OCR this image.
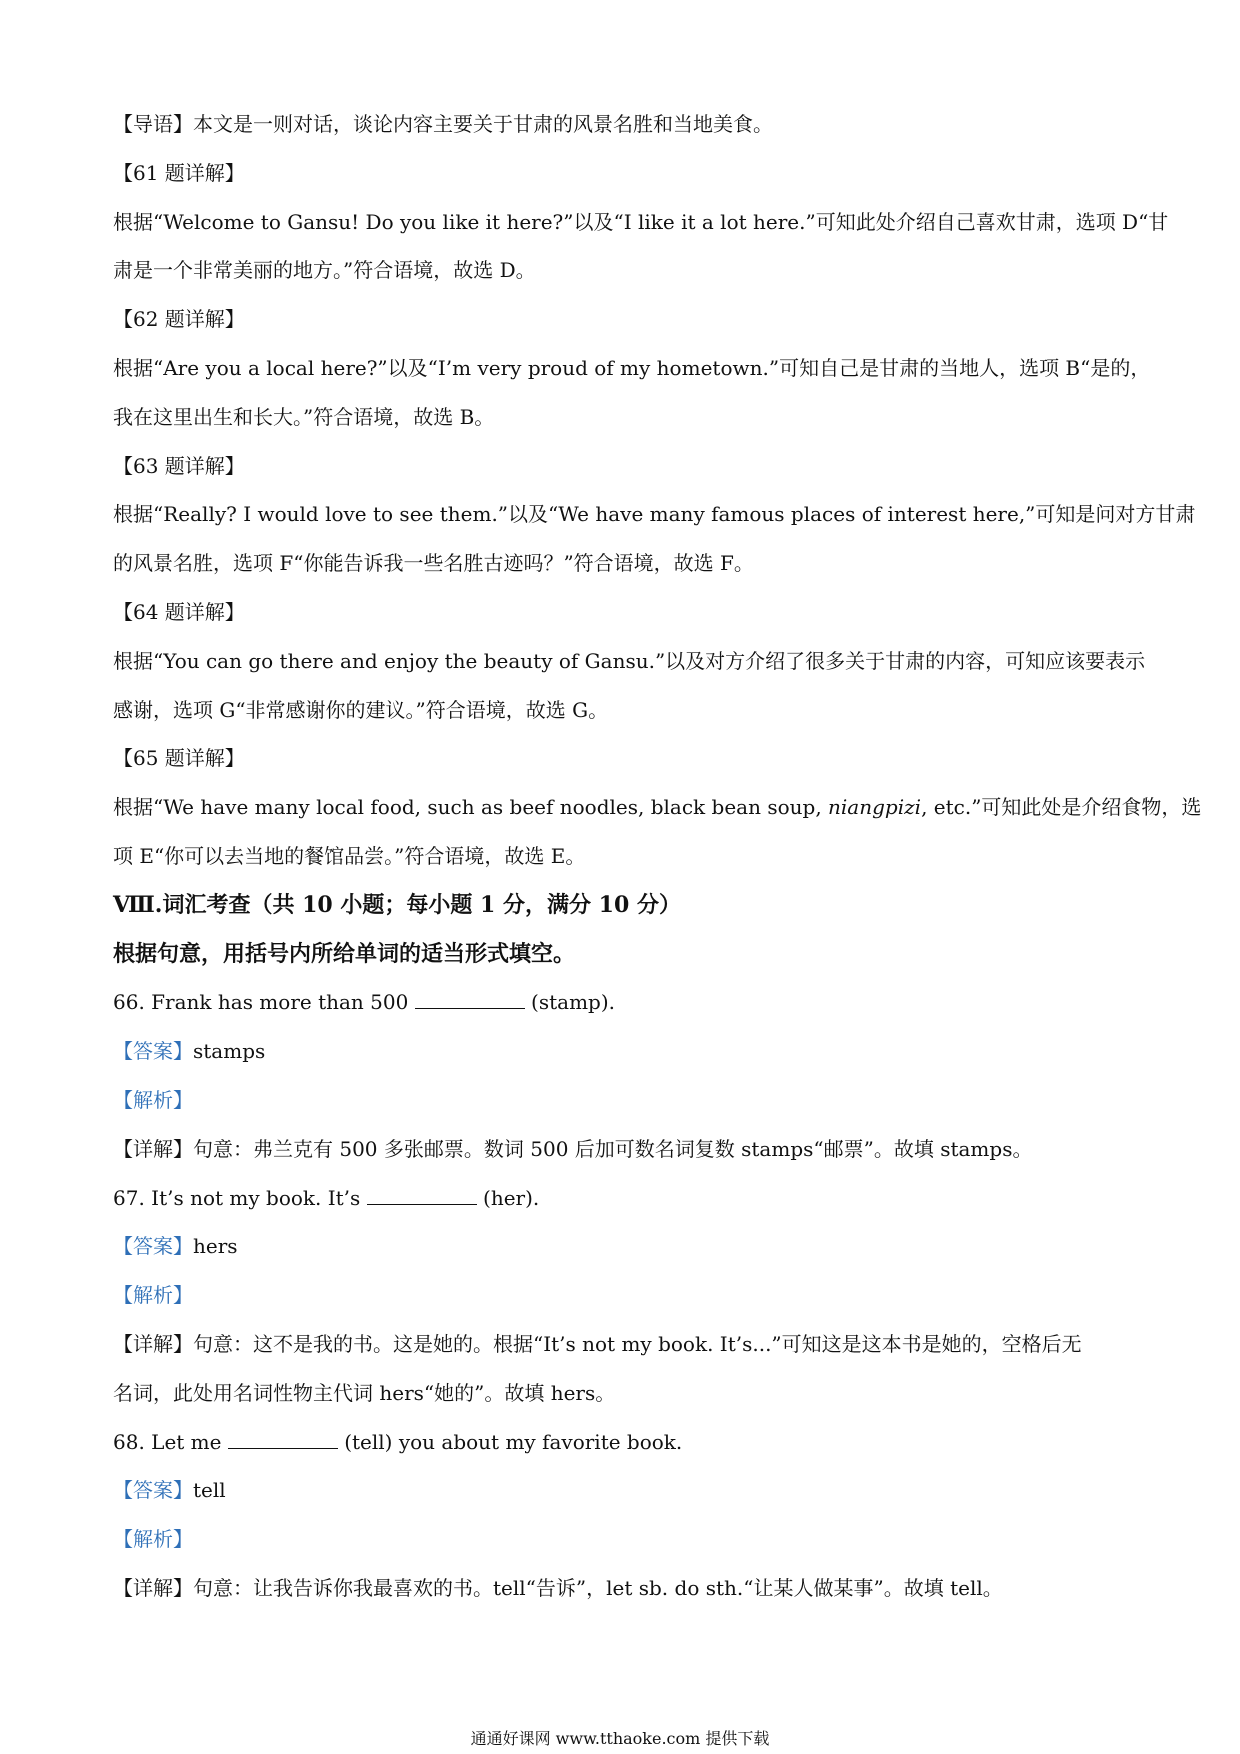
【导语】本文是一则对话，谈论内容主要关于甘肃的风景名胜和当地美食。
【61 题详解】
根据“Welcome to Gansu! Do you like it here?”以及“I like it a lot here.”可知此处介绍自己喜欢甘肃，选项 D“甘
肃是一个非常美丽的地方。”符合语境，故选 D。
【62 题详解】
根据“Are you a local here?”以及“I’m very proud of my hometown.”可知自己是甘肃的当地人，选项 B“是的，
我在这里出生和长大。”符合语境，故选 B。
【63 题详解】
根据“Really? I would love to see them.”以及“We have many famous places of interest here,”可知是问对方甘肃
的风景名胜，选项 F“你能告诉我一些名胜古迹吗？”符合语境，故选 F。
【64 题详解】
根据“You can go there and enjoy the beauty of Gansu.”以及对方介绍了很多关于甘肃的内容，可知应该要表示
感谢，选项 G“非常感谢你的建议。”符合语境，故选 G。
【65 题详解】
根据“We have many local food, such as beef noodles, black bean soup, niangpizi, etc.”可知此处是介绍食物，选
项 E“你可以去当地的餐馆品尝。”符合语境，故选 E。
Ⅷ.词汇考查（共 10 小题；每小题 1 分，满分 10 分）
根据句意，用括号内所给单词的适当形式填空。
66. Frank has more than 500	(stamp).
【答案】stamps
【解析】
【详解】句意：弗兰克有 500 多张邮票。数词 500 后加可数名词复数 stamps“邮票”。故填 stamps。
67. It’s not my book. It’s	(her).
【答案】hers
【解析】
【详解】句意：这不是我的书。这是她的。根据“It’s not my book. It’s...”可知这是这本书是她的，空格后无
名词，此处用名词性物主代词 hers“她的”。故填 hers。
68. Let me	(tell) you about my favorite book.
【答案】tell
【解析】
【详解】句意：让我告诉你我最喜欢的书。tell“告诉”，let sb. do sth.“让某人做某事”。故填 tell。
通通好课网 www.tthaoke.com 提供下载
